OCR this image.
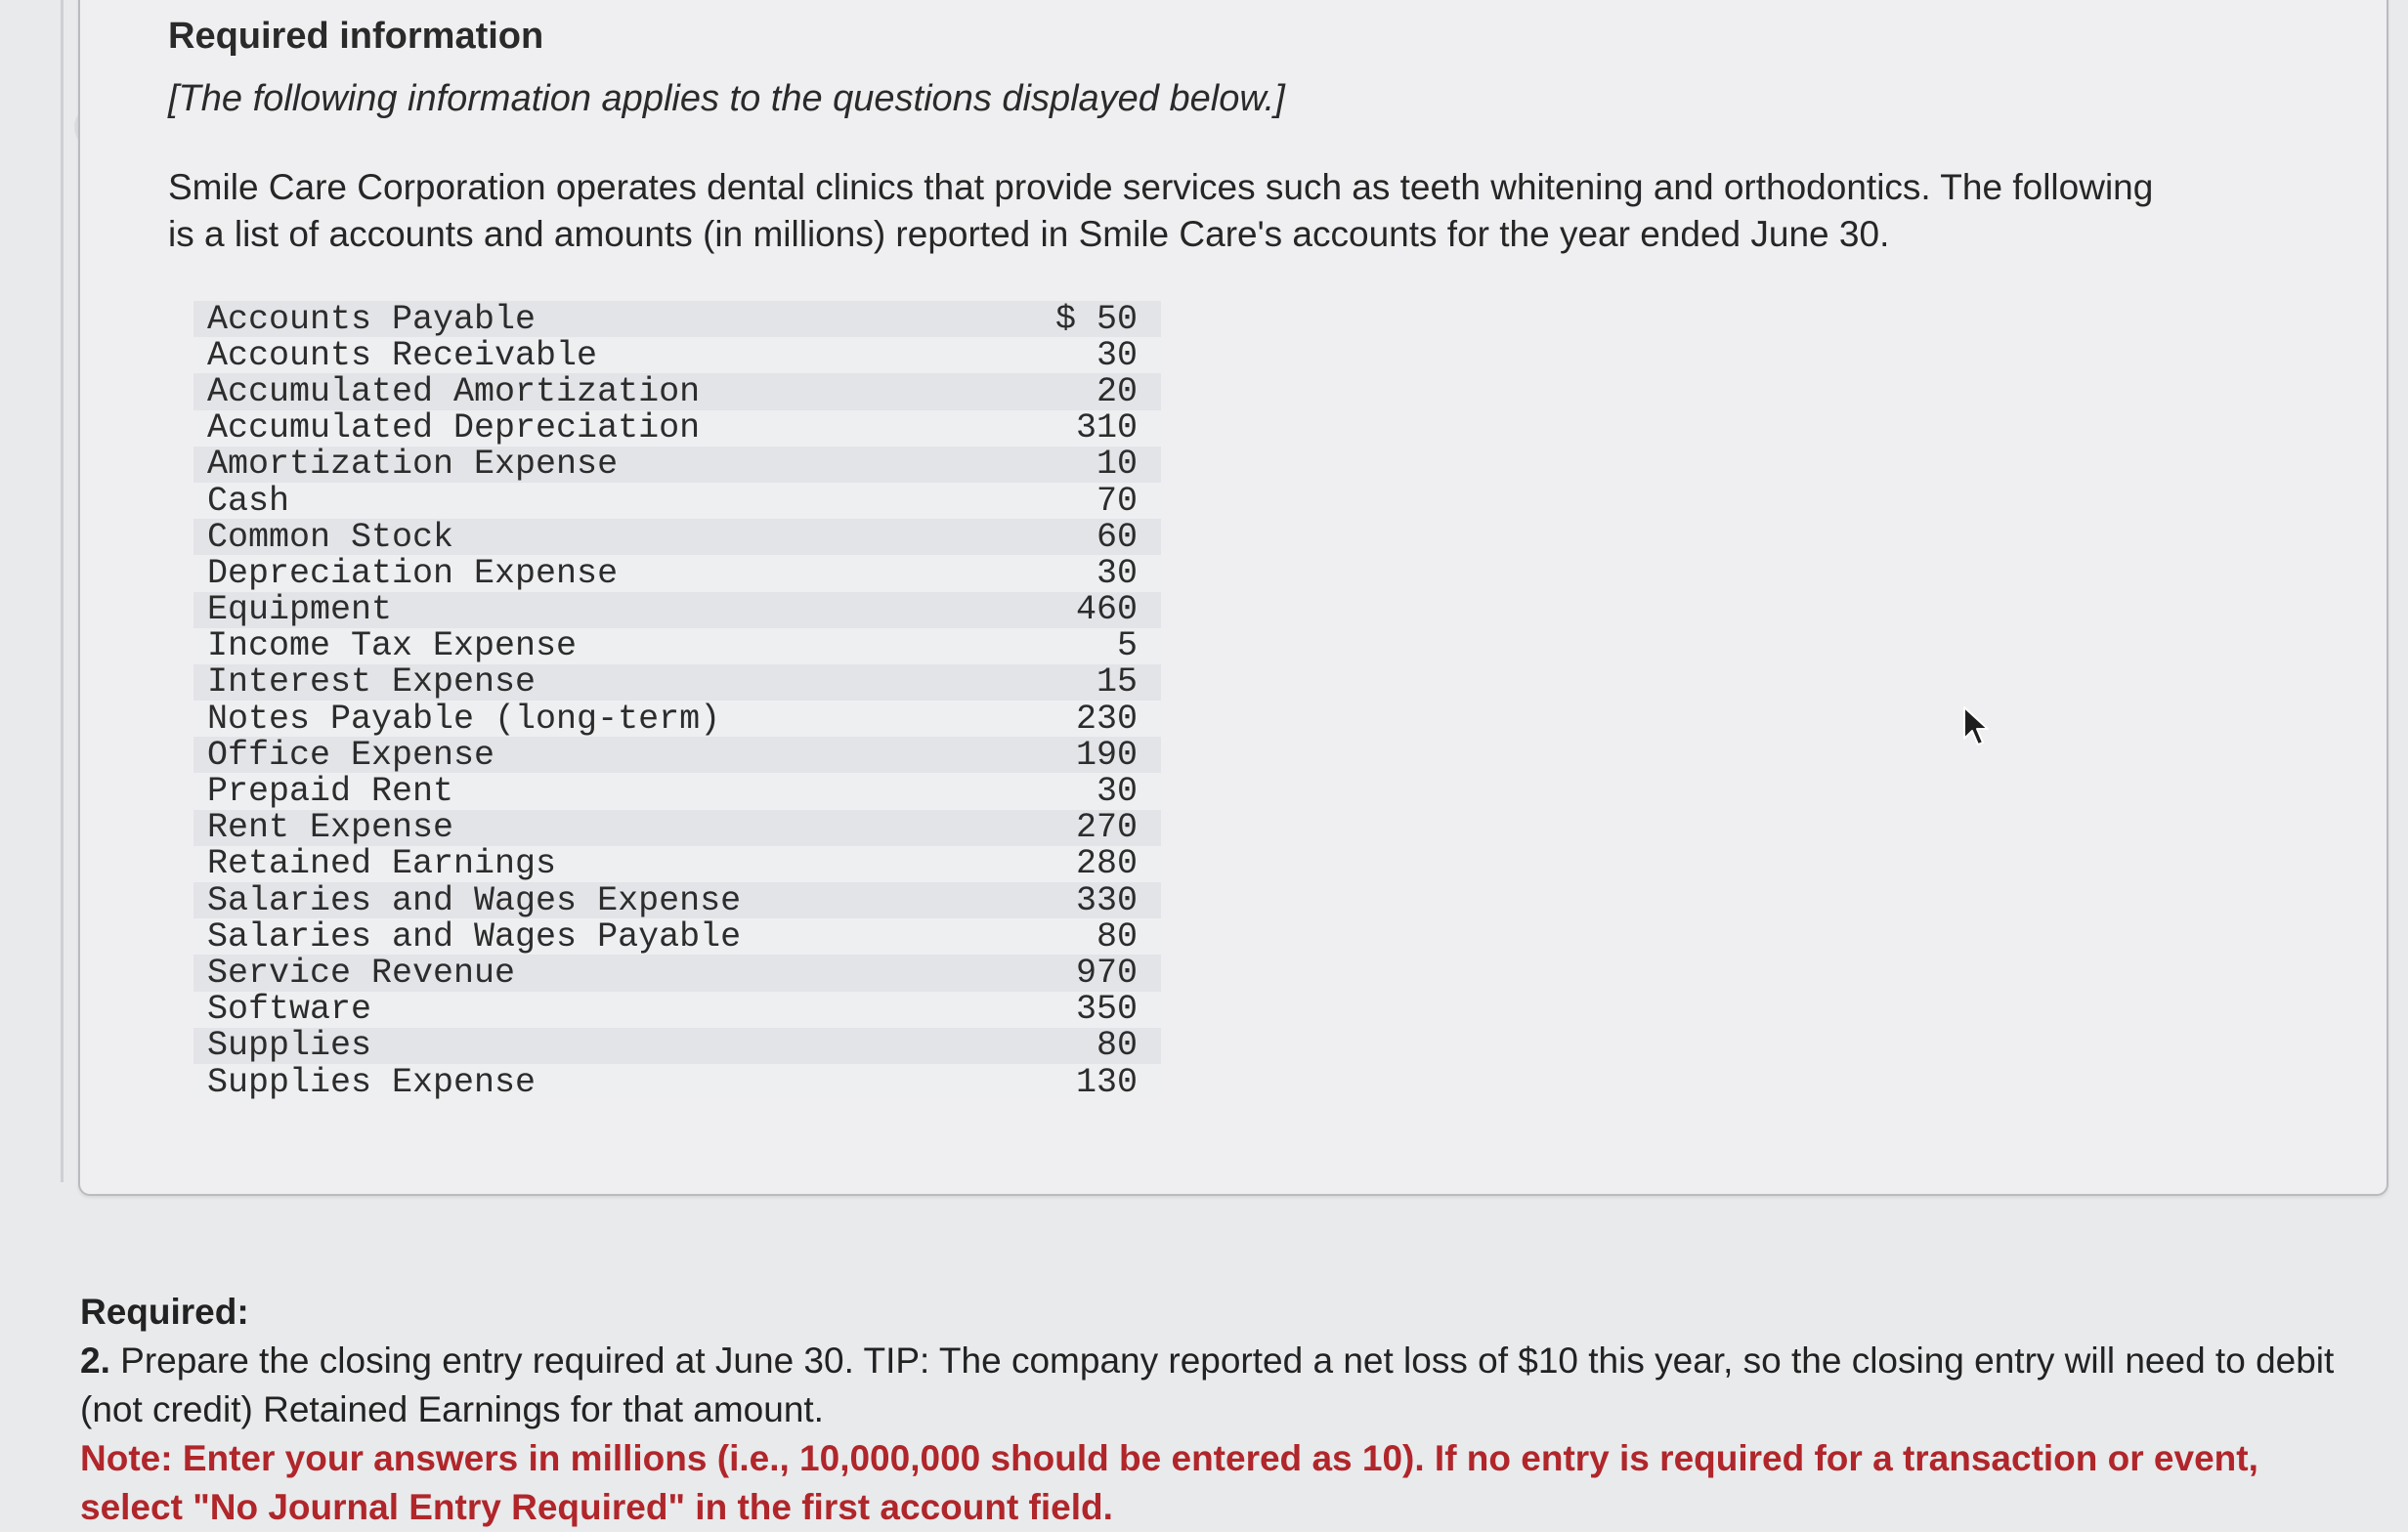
Required information
[The following information applies to the questions displayed below.]
Smile Care Corporation operates dental clinics that provide services such as teeth whitening and orthodontics. The following is a list of accounts and amounts (in millions) reported in Smile Care's accounts for the year ended June 30.
Accounts Payable	$ 50
Accounts Receivable	30
Accumulated Amortization	20
Accumulated Depreciation	310
Amortization Expense	10
Cash	70
Common Stock	60
Depreciation Expense	30
Equipment	460
Income Tax Expense	5
Interest Expense	15
Notes Payable (long-term)	230
Office Expense	190
Prepaid Rent	30
Rent Expense	270
Retained Earnings	280
Salaries and Wages Expense	330
Salaries and Wages Payable	80
Service Revenue	970
Software	350
Supplies	80
Supplies Expense	130
Required:
2. Prepare the closing entry required at June 30. TIP: The company reported a net loss of $10 this year, so the closing entry will need to debit (not credit) Retained Earnings for that amount.
Note: Enter your answers in millions (i.e., 10,000,000 should be entered as 10). If no entry is required for a transaction or event, select "No Journal Entry Required" in the first account field.
